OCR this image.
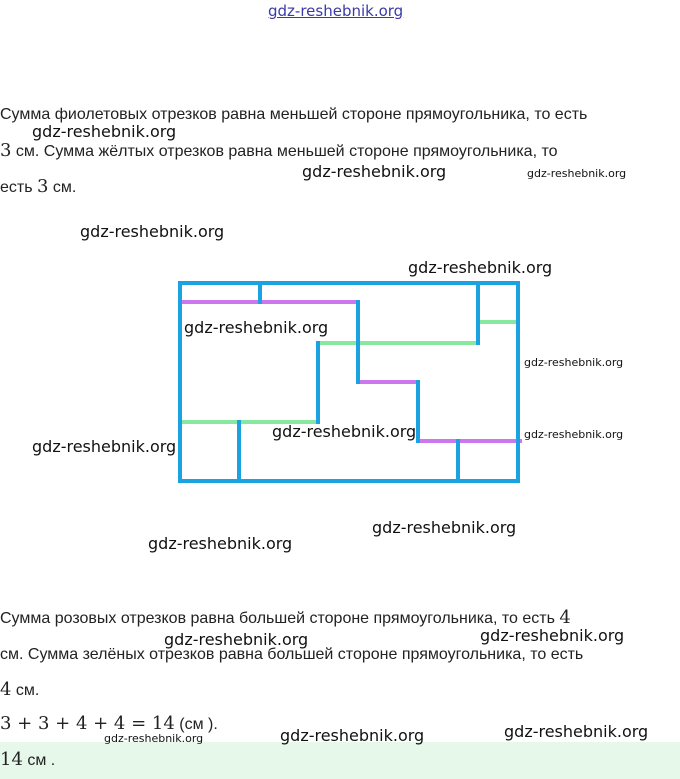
gdz-reshebnik.org
Сумма фиолетовых отрезков равна меньшей стороне прямоугольника, то есть
3 см. Сумма жёлтых отрезков равна меньшей стороне прямоугольника, то
есть 3 см.
Сумма розовых отрезков равна большей стороне прямоугольника, то есть 4
см. Сумма зелёных отрезков равна большей стороне прямоугольника, то есть
4 см.
3 + 3 + 4 + 4 = 14 (см ).
14 см .
gdz-reshebnik.org
gdz-reshebnik.org	gdz-reshebnik.org
gdz-reshebnik.org
gdz-reshebnik.org
gdz-reshebnik.org
gdz-reshebnik.org
gdz-reshebnik.org	gdz-reshebnik.org
gdz-reshebnik.org
gdz-reshebnik.org
gdz-reshebnik.org
gdz-reshebnik.org	gdz-reshebnik.org
gdz-reshebnik.org	gdz-reshebnik.org	gdz-reshebnik.org
